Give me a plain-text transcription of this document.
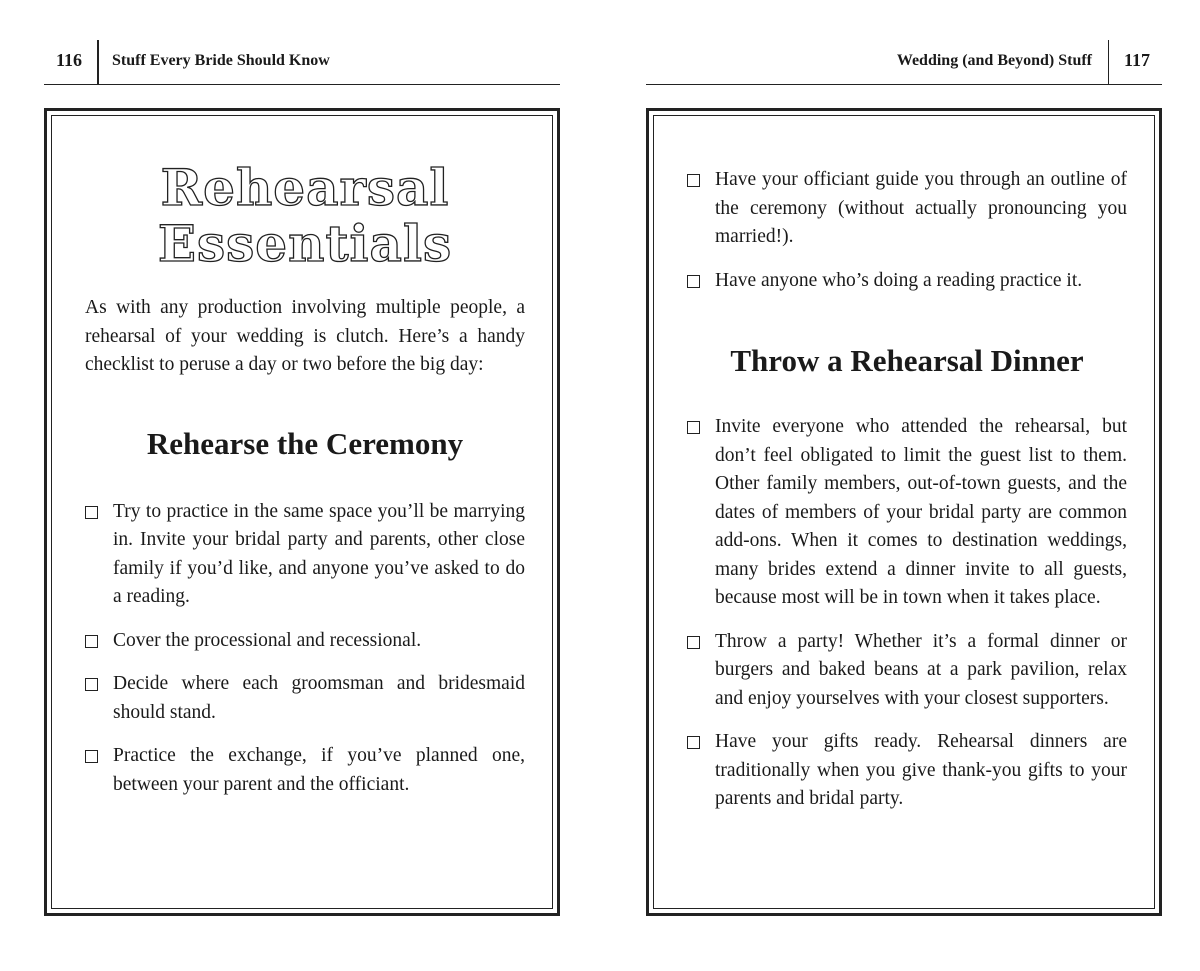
116 Stuff Every Bride Should Know
Rehearsal
Essentials

As with any production involving multiple people, a rehearsal of your wedding is clutch. Here’s a handy checklist to peruse a day or two before the big day:

Rehearse the Ceremony
Try to practice in the same space you’ll be marrying in. Invite your bridal party and parents, other close family if you’d like, and anyone you’ve asked to do a reading.
Cover the processional and recessional.
Decide where each groomsman and bridesmaid should stand.
Practice the exchange, if you’ve planned one, between your parent and the officiant.
Wedding (and Beyond) Stuff 117
Have your officiant guide you through an outline of the ceremony (without actually pronouncing you married!).
Have anyone who’s doing a reading practice it.
Throw a Rehearsal Dinner
Invite everyone who attended the rehearsal, but don’t feel obligated to limit the guest list to them. Other family members, out-of-town guests, and the dates of members of your bridal party are common add-ons. When it comes to destination weddings, many brides extend a dinner invite to all guests, because most will be in town when it takes place.
Throw a party! Whether it’s a formal dinner or burgers and baked beans at a park pavilion, relax and enjoy yourselves with your closest supporters.
Have your gifts ready. Rehearsal dinners are traditionally when you give thank-you gifts to your parents and bridal party.
